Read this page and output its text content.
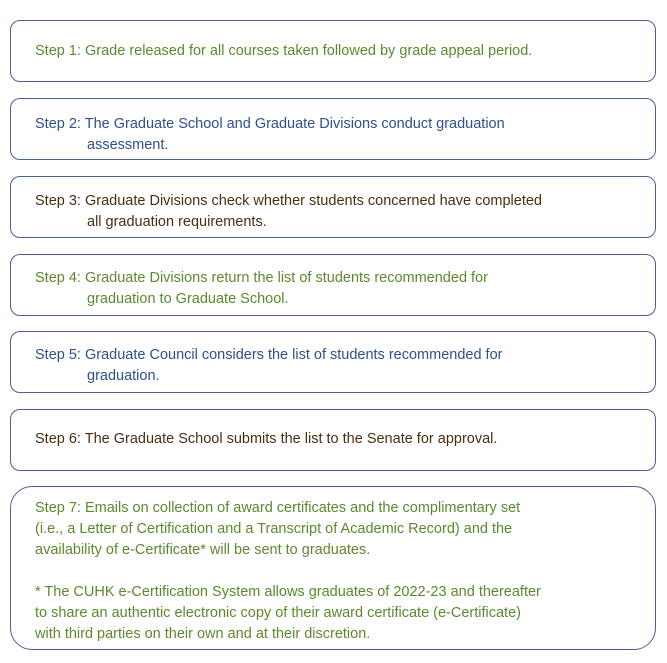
Step 1: Grade released for all courses taken followed by grade appeal period.
Step 2: The Graduate School and Graduate Divisions conduct graduation
assessment.
Step 3: Graduate Divisions check whether students concerned have completed
all graduation requirements.
Step 4: Graduate Divisions return the list of students recommended for
graduation to Graduate School.
Step 5: Graduate Council considers the list of students recommended for
graduation.
Step 6: The Graduate School submits the list to the Senate for approval.
Step 7: Emails on collection of award certificates and the complimentary set
(i.e., a Letter of Certification and a Transcript of Academic Record) and the
availability of e-Certificate* will be sent to graduates.
* The CUHK e-Certification System allows graduates of 2022-23 and thereafter
to share an authentic electronic copy of their award certificate (e-Certificate)
with third parties on their own and at their discretion.
